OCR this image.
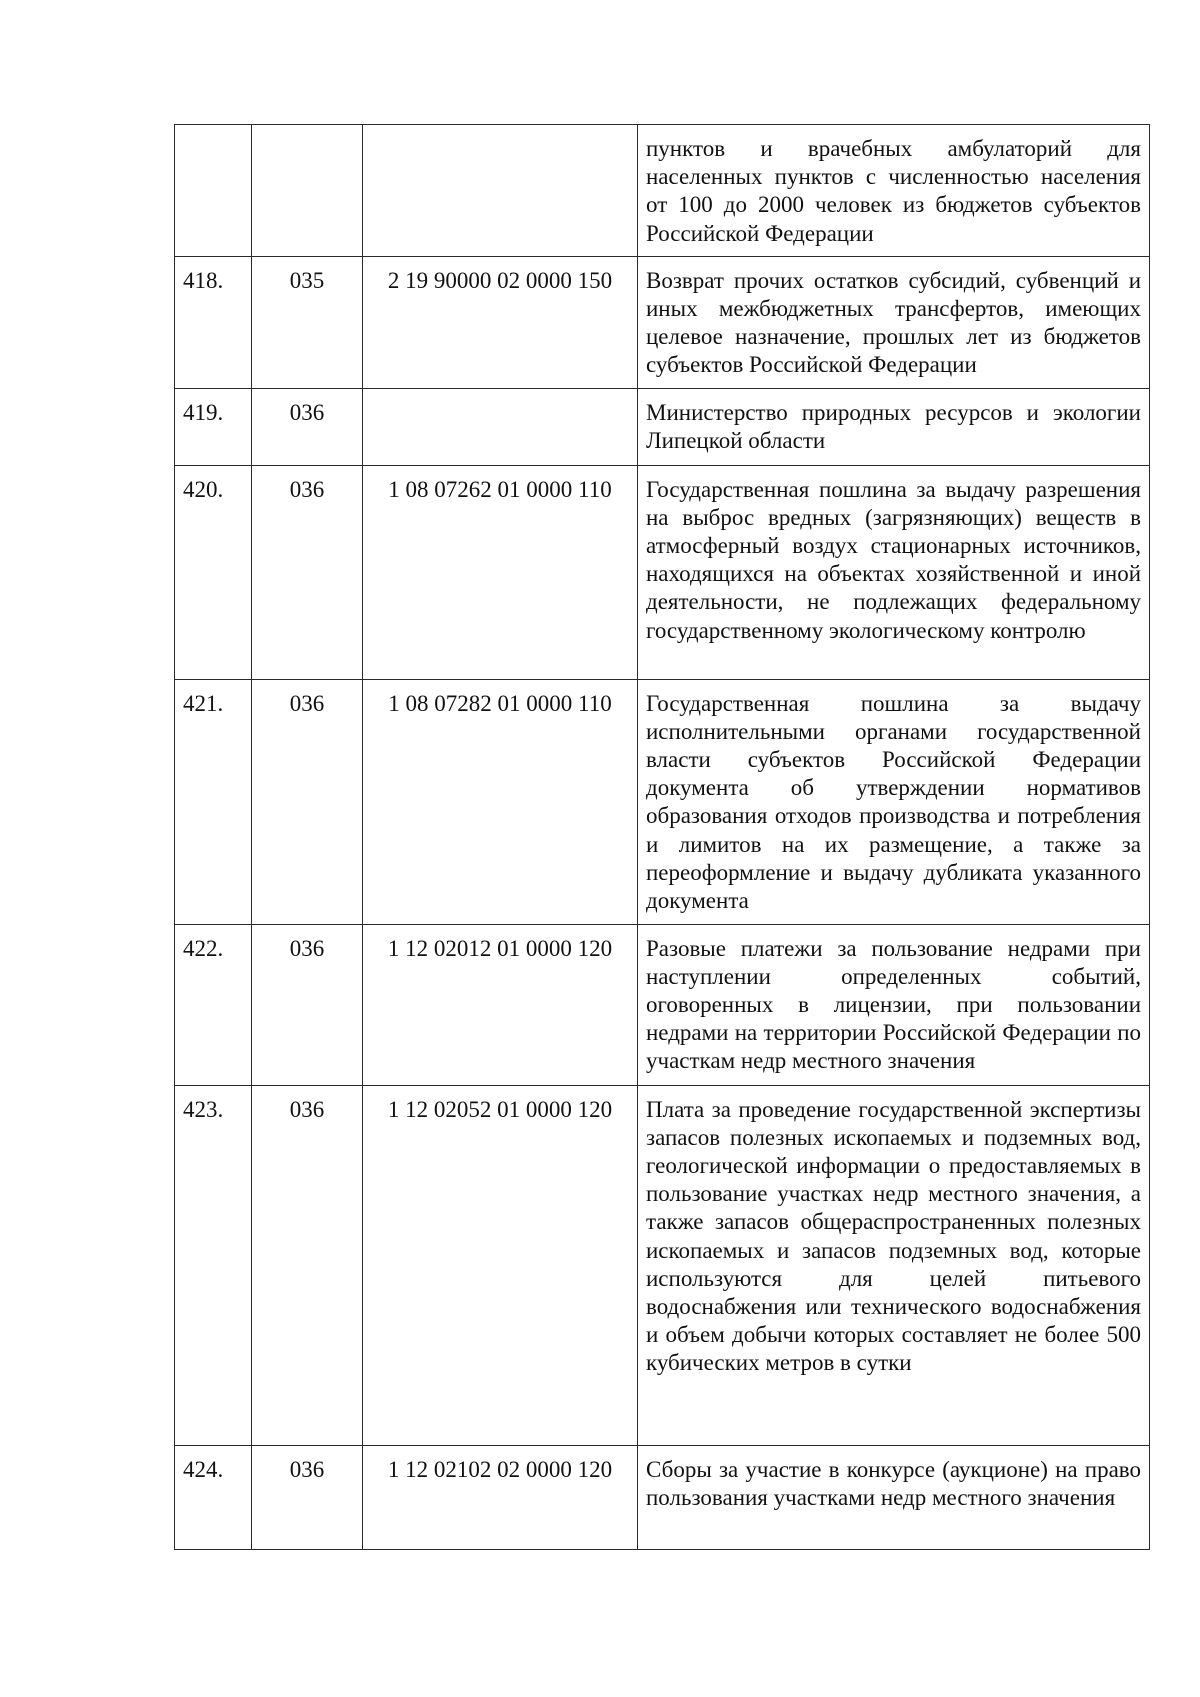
			пунктов и врачебных амбулаторий для населенных пунктов с численностью населения от 100 до 2000 человек из бюджетов субъектов Российской Федерации
418.	035	2 19 90000 02 0000 150	Возврат прочих остатков субсидий, субвенций и иных межбюджетных трансфертов, имеющих целевое назначение, прошлых лет из бюджетов субъектов Российской Федерации
419.	036		Министерство природных ресурсов и экологии Липецкой области
420.	036	1 08 07262 01 0000 110	Государственная пошлина за выдачу разрешения на выброс вредных (загрязняющих) веществ в атмосферный воздух стационарных источников, находящихся на объектах хозяйственной и иной деятельности, не подлежащих федеральному государственному экологическому контролю
421.	036	1 08 07282 01 0000 110	Государственная пошлина за выдачу исполнительными органами государственной власти субъектов Российской Федерации документа об утверждении нормативов образования отходов производства и потребления и лимитов на их размещение, а также за переоформление и выдачу дубликата указанного документа
422.	036	1 12 02012 01 0000 120	Разовые платежи за пользование недрами при наступлении определенных событий, оговоренных в лицензии, при пользовании недрами на территории Российской Федерации по участкам недр местного значения
423.	036	1 12 02052 01 0000 120	Плата за проведение государственной экспертизы запасов полезных ископаемых и подземных вод, геологической информации о предоставляемых в пользование участках недр местного значения, а также запасов общераспространенных полезных ископаемых и запасов подземных вод, которые используются для целей питьевого водоснабжения или технического водоснабжения и объем добычи которых составляет не более 500 кубических метров в сутки
424.	036	1 12 02102 02 0000 120	Сборы за участие в конкурсе (аукционе) на право пользования участками недр местного значения
